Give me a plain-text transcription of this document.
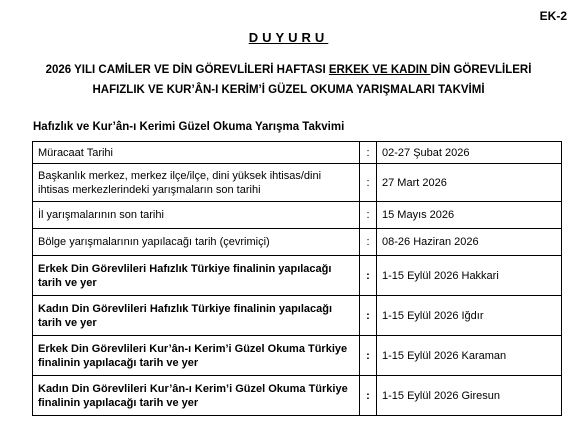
EK-2
DUYURU
2026 YILI CAMİLER VE DİN GÖREVLİLERİ HAFTASI ERKEK VE KADIN DİN GÖREVLİLERİ
HAFIZLIK VE KUR’ÂN-I KERİM’İ GÜZEL OKUMA YARIŞMALARI TAKVİMİ
Hafızlık ve Kur’ân-ı Kerimi Güzel Okuma Yarışma Takvimi
Müracaat Tarihi	:	02-27 Şubat 2026
Başkanlık merkez, merkez ilçe/ilçe, dini yüksek ihtisas/dini ihtisas merkezlerindeki yarışmaların son tarihi	:	27 Mart 2026
İl yarışmalarının son tarihi	:	15 Mayıs 2026
Bölge yarışmalarının yapılacağı tarih (çevrimiçi)	:	08-26 Haziran 2026
Erkek Din Görevlileri Hafızlık Türkiye finalinin yapılacağı tarih ve yer	:	1-15 Eylül 2026 Hakkari
Kadın Din Görevlileri Hafızlık Türkiye finalinin yapılacağı tarih ve yer	:	1-15 Eylül 2026 Iğdır
Erkek Din Görevlileri Kur’ân-ı Kerim’i Güzel Okuma Türkiye finalinin yapılacağı tarih ve yer	:	1-15 Eylül 2026 Karaman
Kadın Din Görevlileri Kur’ân-ı Kerim’i Güzel Okuma Türkiye finalinin yapılacağı tarih ve yer	:	1-15 Eylül 2026 Giresun
